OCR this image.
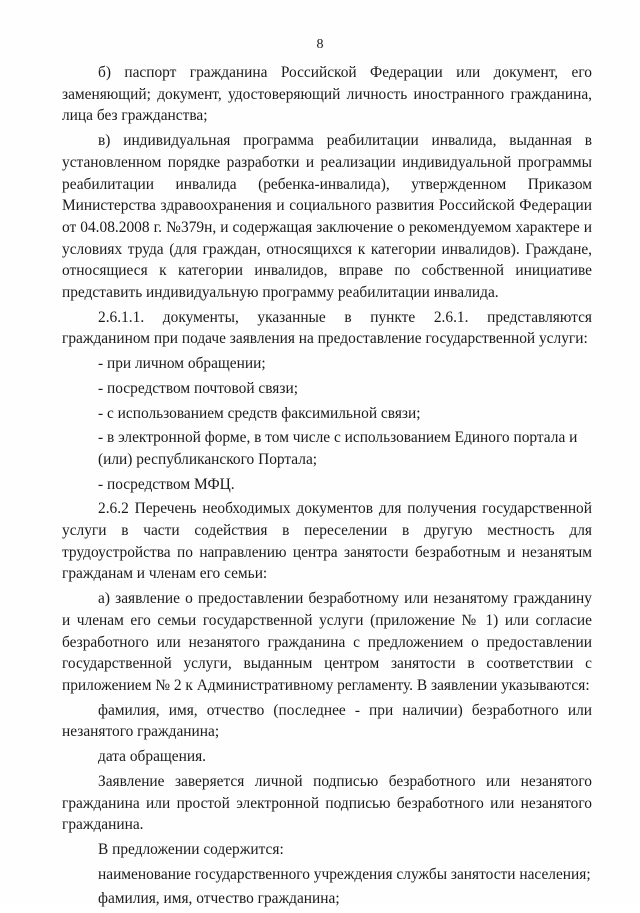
8

б) паспорт гражданина Российской Федерации или документ, его заменяющий; документ, удостоверяющий личность иностранного гражданина, лица без гражданства;

в) индивидуальная программа реабилитации инвалида, выданная в установленном порядке разработки и реализации индивидуальной программы реабилитации инвалида (ребенка-инвалида), утвержденном Приказом Министерства здравоохранения и социального развития Российской Федерации от 04.08.2008 г. №379н, и содержащая заключение о рекомендуемом характере и условиях труда (для граждан, относящихся к категории инвалидов). Граждане, относящиеся к категории инвалидов, вправе по собственной инициативе представить индивидуальную программу реабилитации инвалида.

2.6.1.1. документы, указанные в пункте 2.6.1. представляются гражданином при подаче заявления на предоставление государственной услуги:

- при личном обращении;

- посредством почтовой связи;

- с использованием средств факсимильной связи;

- в электронной форме, в том числе с использованием Единого портала и (или) республиканского Портала;

- посредством МФЦ.

2.6.2 Перечень необходимых документов для получения государственной услуги в части содействия в переселении в другую местность для трудоустройства по направлению центра занятости безработным и незанятым гражданам и членам его семьи:

а) заявление о предоставлении безработному или незанятому гражданину и членам его семьи государственной услуги (приложение № 1) или согласие безработного или незанятого гражданина с предложением о предоставлении государственной услуги, выданным центром занятости в соответствии с приложением № 2 к Административному регламенту. В заявлении указываются:

фамилия, имя, отчество (последнее - при наличии) безработного или незанятого гражданина;

дата обращения.

Заявление заверяется личной подписью безработного или незанятого гражданина или простой электронной подписью безработного или незанятого гражданина.

В предложении содержится:

наименование государственного учреждения службы занятости населения;

фамилия, имя, отчество гражданина;
